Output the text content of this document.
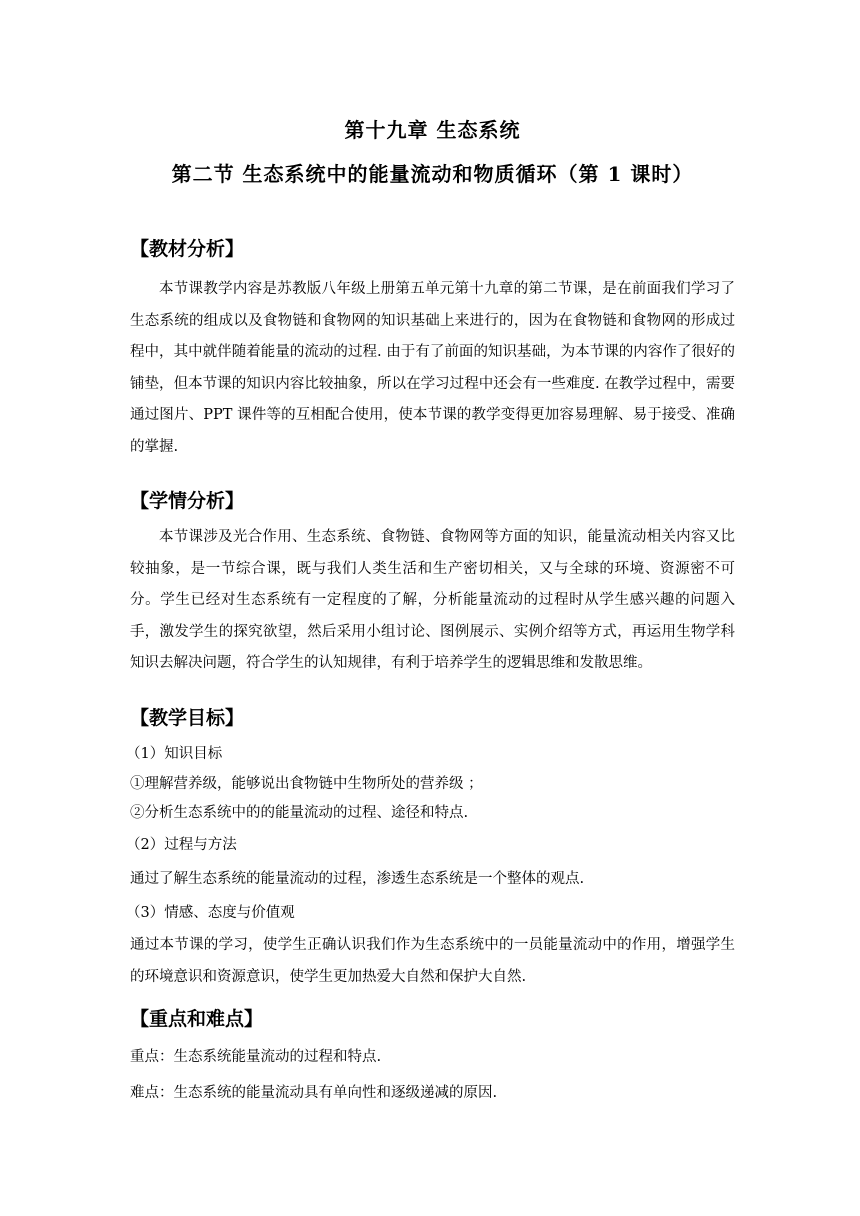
第十九章 生态系统
第二节 生态系统中的能量流动和物质循环（第 1 课时）
【教材分析】
本节课教学内容是苏教版八年级上册第五单元第十九章的第二节课，是在前面我们学习了生态系统的组成以及食物链和食物网的知识基础上来进行的，因为在食物链和食物网的形成过程中，其中就伴随着能量的流动的过程. 由于有了前面的知识基础，为本节课的内容作了很好的铺垫，但本节课的知识内容比较抽象，所以在学习过程中还会有一些难度. 在教学过程中，需要通过图片、PPT 课件等的互相配合使用，使本节课的教学变得更加容易理解、易于接受、准确的掌握.
【学情分析】
本节课涉及光合作用、生态系统、食物链、食物网等方面的知识，能量流动相关内容又比较抽象，是一节综合课，既与我们人类生活和生产密切相关，又与全球的环境、资源密不可分。学生已经对生态系统有一定程度的了解，分析能量流动的过程时从学生感兴趣的问题入手，激发学生的探究欲望，然后采用小组讨论、图例展示、实例介绍等方式，再运用生物学科知识去解决问题，符合学生的认知规律，有利于培养学生的逻辑思维和发散思维。
【教学目标】
（1）知识目标
①理解营养级，能够说出食物链中生物所处的营养级 ；
②分析生态系统中的的能量流动的过程、途径和特点.
（2）过程与方法
通过了解生态系统的能量流动的过程，渗透生态系统是一个整体的观点.
（3）情感、态度与价值观
通过本节课的学习，使学生正确认识我们作为生态系统中的一员能量流动中的作用，增强学生的环境意识和资源意识，使学生更加热爱大自然和保护大自然.
【重点和难点】
重点：生态系统能量流动的过程和特点.
难点：生态系统的能量流动具有单向性和逐级递减的原因.
